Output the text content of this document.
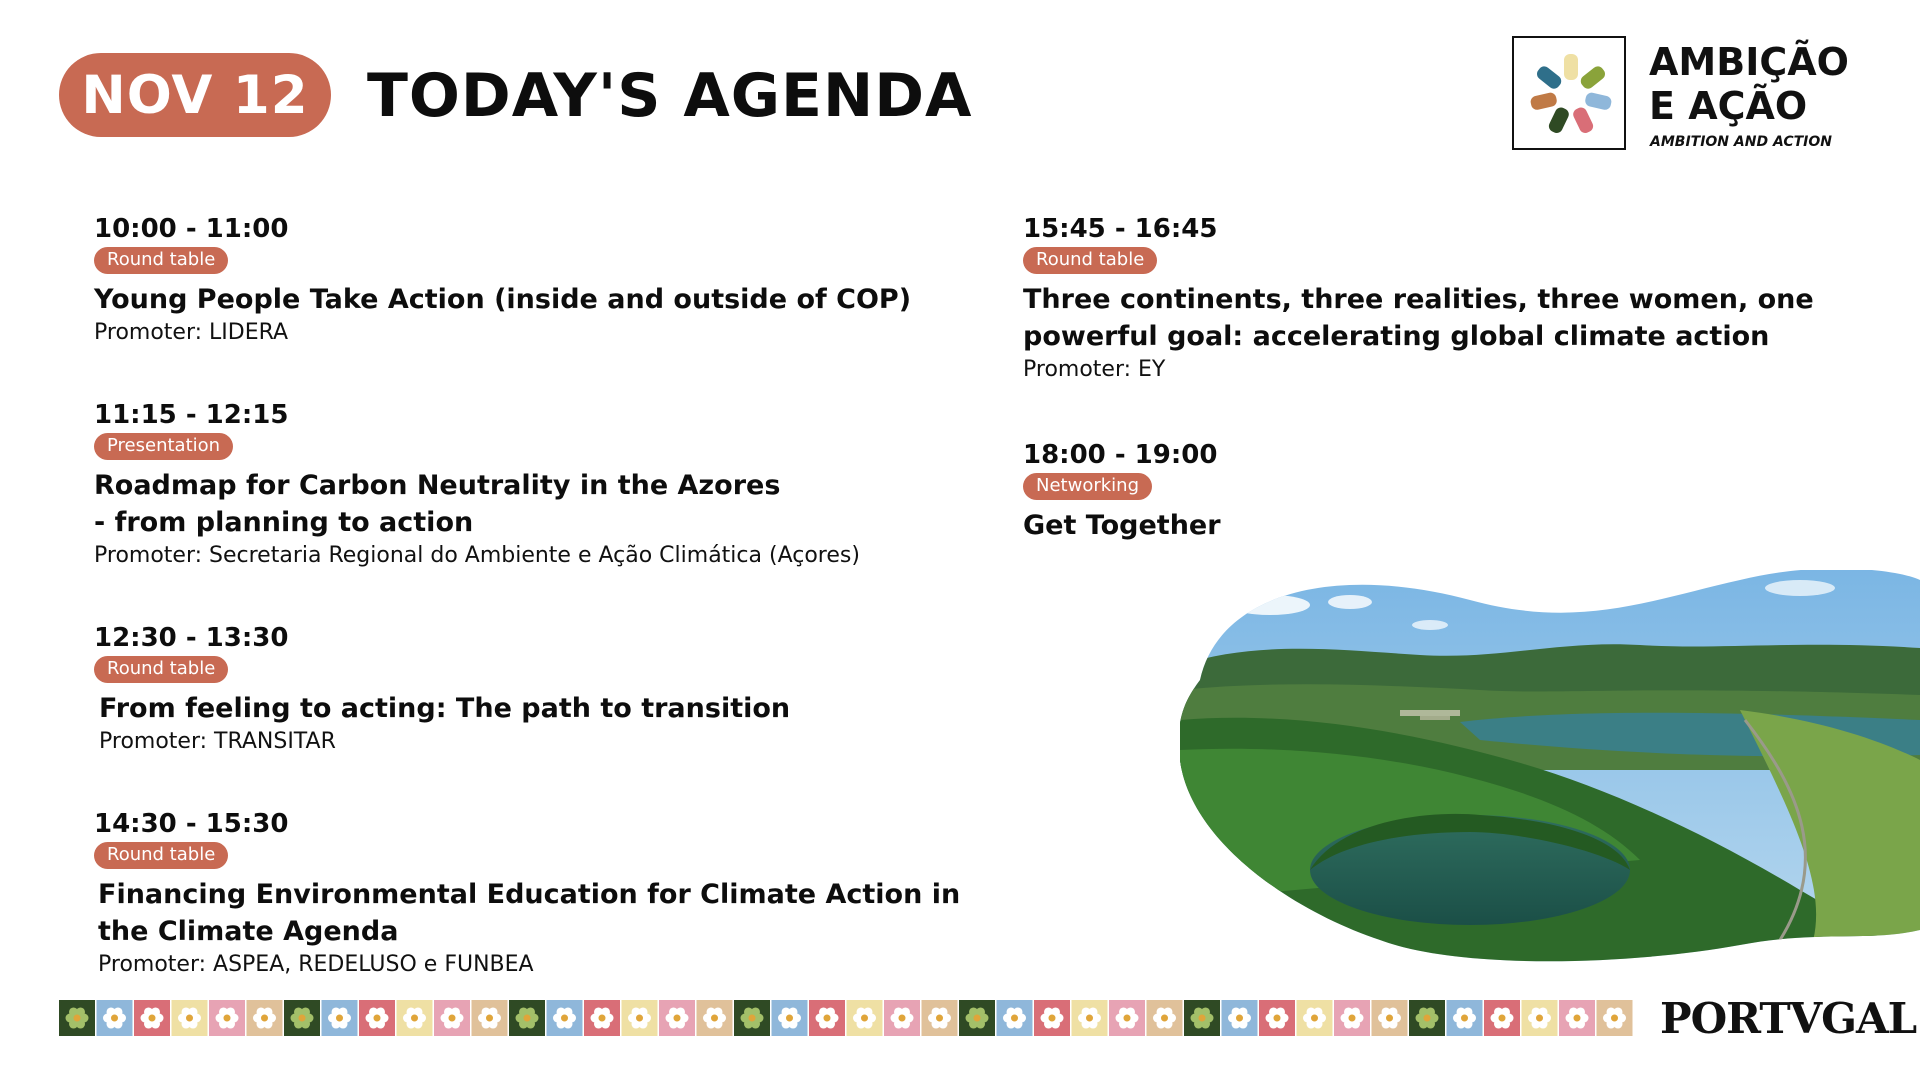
NOV 12 TODAY'S AGENDA	AMBIÇÃO
E AÇÃO
AMBITION AND ACTION
10:00 - 11:00
Round table
Young People Take Action (inside and outside of COP)
Promoter: LIDERA
11:15 - 12:15
Presentation
Roadmap for Carbon Neutrality in the Azores
- from planning to action
Promoter: Secretaria Regional do Ambiente e Ação Climática (Açores)
12:30 - 13:30
Round table
From feeling to acting: The path to transition
Promoter: TRANSITAR
14:30 - 15:30
Round table
Financing Environmental Education for Climate Action in
the Climate Agenda
Promoter: ASPEA, REDELUSO e FUNBEA
15:45 - 16:45
Round table
Three continents, three realities, three women, one
powerful goal: accelerating global climate action
Promoter: EY
18:00 - 19:00
Networking
Get Together
PORTVGAL
